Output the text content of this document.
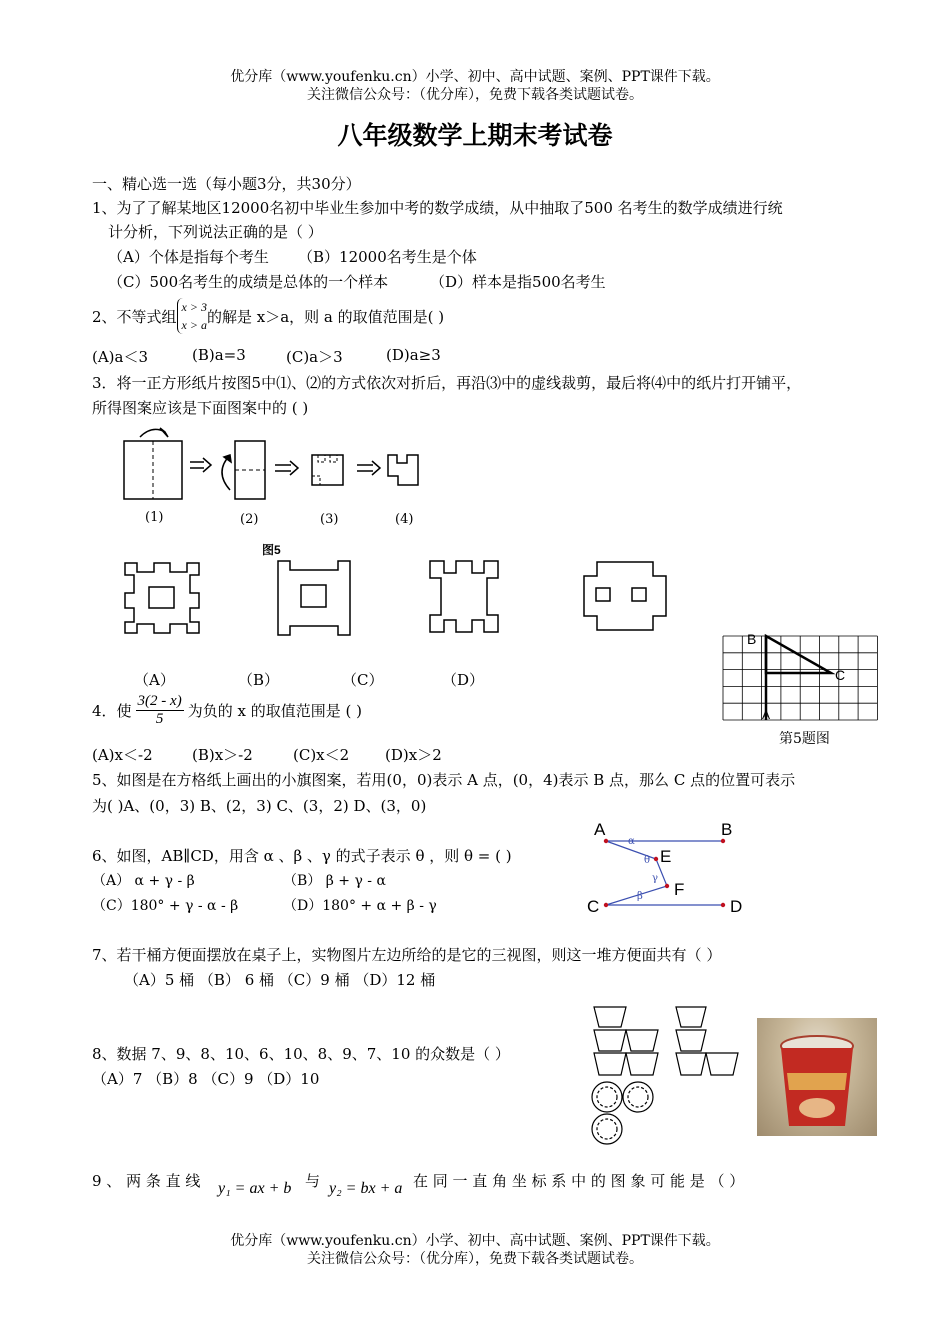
优分库（www.youfenku.cn）小学、初中、高中试题、案例、PPT课件下载。
关注微信公众号：（优分库），免费下载各类试题试卷。
八年级数学上期末考试卷
一、精心选一选（每小题3分，共30分）
1、为了了解某地区12000名初中毕业生参加中考的数学成绩，从中抽取了500 名考生的数学成绩进行统
计分析，下列说法正确的是（ ）
（A）个体是指每个考生 （B）12000名考生是个体
（C）500名考生的成绩是总体的一个样本	（D）样本是指500名考生
2、不等式组
x > 3
x > a 的解是 x＞a，则 a 的取值范围是( )
(A)a＜3	(B)a=3	(C)a＞3	(D)a≥3
3．将一正方形纸片按图5中⑴、⑵的方式依次对折后，再沿⑶中的虚线裁剪，最后将⑷中的纸片打开铺平，
所得图案应该是下面图案中的 ( )
(1)	(2)	(3)	(4)
图5
（A）	（B）	（C）	（D）
B
C
A
第5题图
4．使 $\frac{3(2 - x)}{5}$ 为负的 x 的取值范围是 ( )
(A)x＜-2	(B)x＞-2	(C)x＜2 (D)x＞2
5、如图是在方格纸上画出的小旗图案，若用(0，0)表示 A 点，(0，4)表示 B 点，那么 C 点的位置可表示
为( )A、(0，3) B、(2，3) C、(3，2) D、(3，0)
A	B
E
F
C	D
α
θ
γ
β
6、如图，AB∥CD，用含 α 、β 、γ 的式子表示 θ ，则 θ = ( )
（A） α + γ - β	（B） β + γ - α
（C）180° + γ - α - β	（D）180° + α + β - γ
7、若干桶方便面摆放在桌子上，实物图片左边所给的是它的三视图，则这一堆方便面共有（ ）
（A）5 桶 （B） 6 桶 （C）9 桶 （D）12 桶
8、数据 7、9、8、10、6、10、8、9、7、10 的众数是（ ）
（A）7 （B）8 （C）9 （D）10
9 、 两 条 直 线 y₁ = ax + b 与 y₂ = bx + a 在 同 一 直 角 坐 标 系 中 的 图 象 可 能 是 （ ）
优分库（www.youfenku.cn）小学、初中、高中试题、案例、PPT课件下载。
关注微信公众号：（优分库），免费下载各类试题试卷。
